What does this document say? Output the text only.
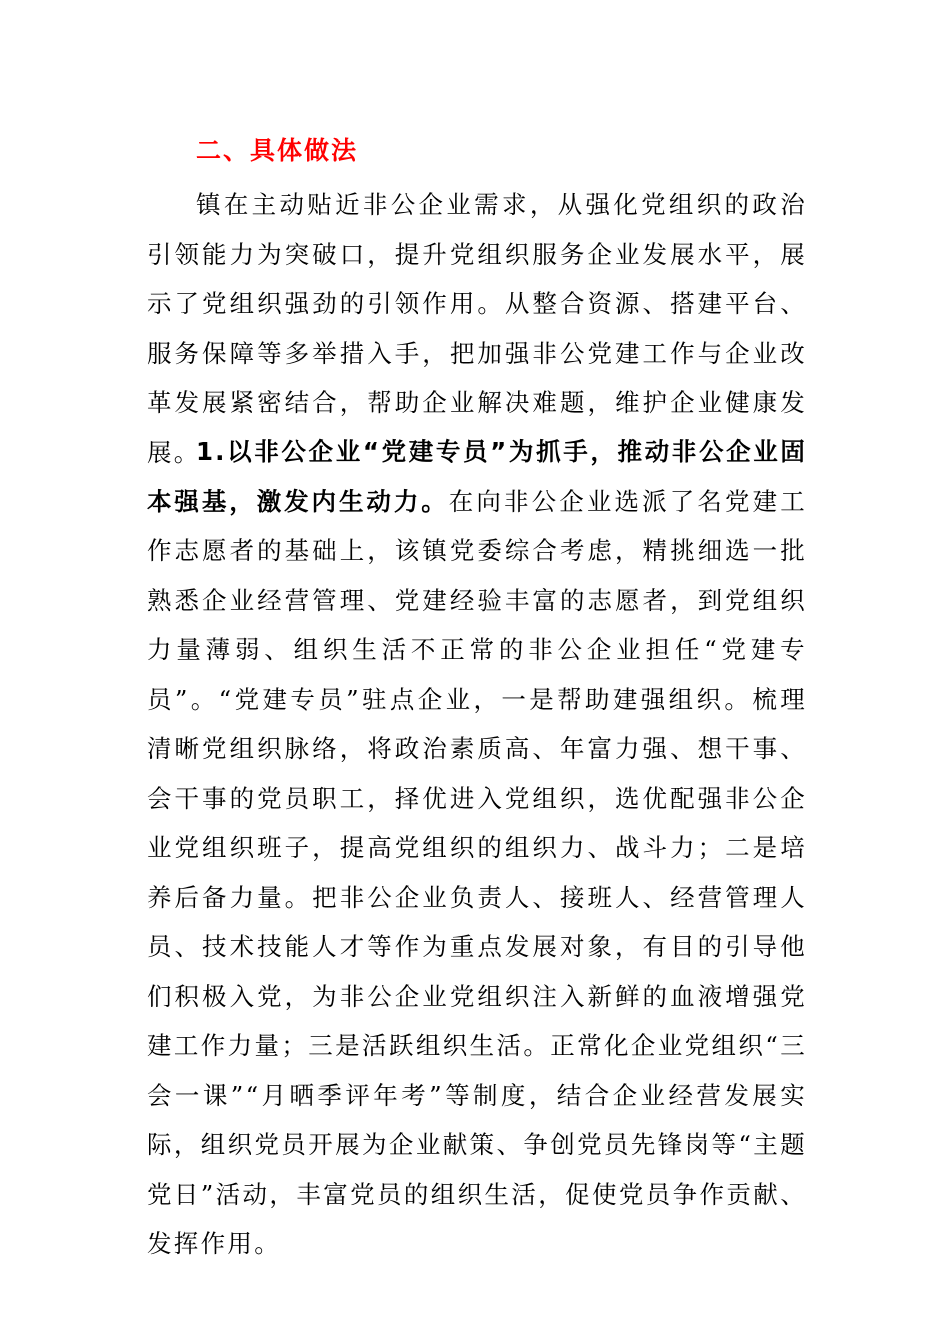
二、具体做法

镇在主动贴近非公企业需求，从强化党组织的政治引领能力为突破口，提升党组织服务企业发展水平，展示了党组织强劲的引领作用。从整合资源、搭建平台、服务保障等多举措入手，把加强非公党建工作与企业改革发展紧密结合，帮助企业解决难题，维护企业健康发展。

1.以非公企业“党建专员”为抓手，推动非公企业固本强基，激发内生动力。在向非公企业选派了名党建工作志愿者的基础上，该镇党委综合考虑，精挑细选一批熟悉企业经营管理、党建经验丰富的志愿者，到党组织力量薄弱、组织生活不正常的非公企业担任“党建专员”。“党建专员”驻点企业，一是帮助建强组织。梳理清晰党组织脉络，将政治素质高、年富力强、想干事、会干事的党员职工，择优进入党组织，选优配强非公企业党组织班子，提高党组织的组织力、战斗力；二是培养后备力量。把非公企业负责人、接班人、经营管理人员、技术技能人才等作为重点发展对象，有目的引导他们积极入党，为非公企业党组织注入新鲜的血液增强党建工作力量；三是活跃组织生活。正常化企业党组织“三会一课”“月晒季评年考”等制度，结合企业经营发展实际，组织党员开展为企业献策、争创党员先锋岗等“主题党日”活动，丰富党员的组织生活，促使党员争作贡献、发挥作用。
